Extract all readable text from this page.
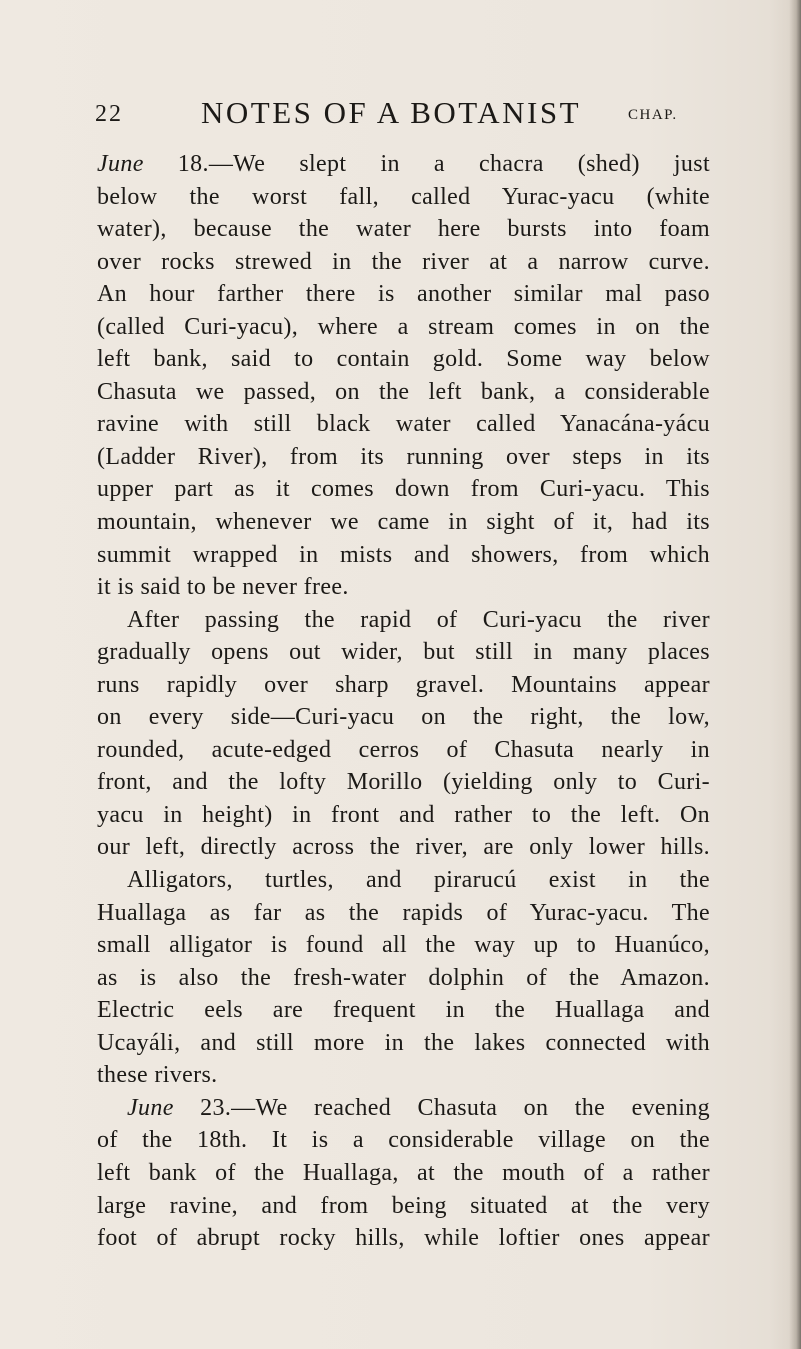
22	NOTES OF A BOTANIST	CHAP.
June 18.—We slept in a chacra (shed) just
below the worst fall, called Yurac-yacu (white
water), because the water here bursts into foam
over rocks strewed in the river at a narrow curve.
An hour farther there is another similar mal paso
(called Curi-yacu), where a stream comes in on the
left bank, said to contain gold. Some way below
Chasuta we passed, on the left bank, a considerable
ravine with still black water called Yanacána-yácu
(Ladder River), from its running over steps in its
upper part as it comes down from Curi-yacu. This
mountain, whenever we came in sight of it, had its
summit wrapped in mists and showers, from which
it is said to be never free.
After passing the rapid of Curi-yacu the river
gradually opens out wider, but still in many places
runs rapidly over sharp gravel. Mountains appear
on every side—Curi-yacu on the right, the low,
rounded, acute-edged cerros of Chasuta nearly in
front, and the lofty Morillo (yielding only to Curi-
yacu in height) in front and rather to the left. On
our left, directly across the river, are only lower hills.
Alligators, turtles, and pirarucú exist in the
Huallaga as far as the rapids of Yurac-yacu. The
small alligator is found all the way up to Huanúco,
as is also the fresh-water dolphin of the Amazon.
Electric eels are frequent in the Huallaga and
Ucayáli, and still more in the lakes connected with
these rivers.
June 23.—We reached Chasuta on the evening
of the 18th. It is a considerable village on the
left bank of the Huallaga, at the mouth of a rather
large ravine, and from being situated at the very
foot of abrupt rocky hills, while loftier ones appear
